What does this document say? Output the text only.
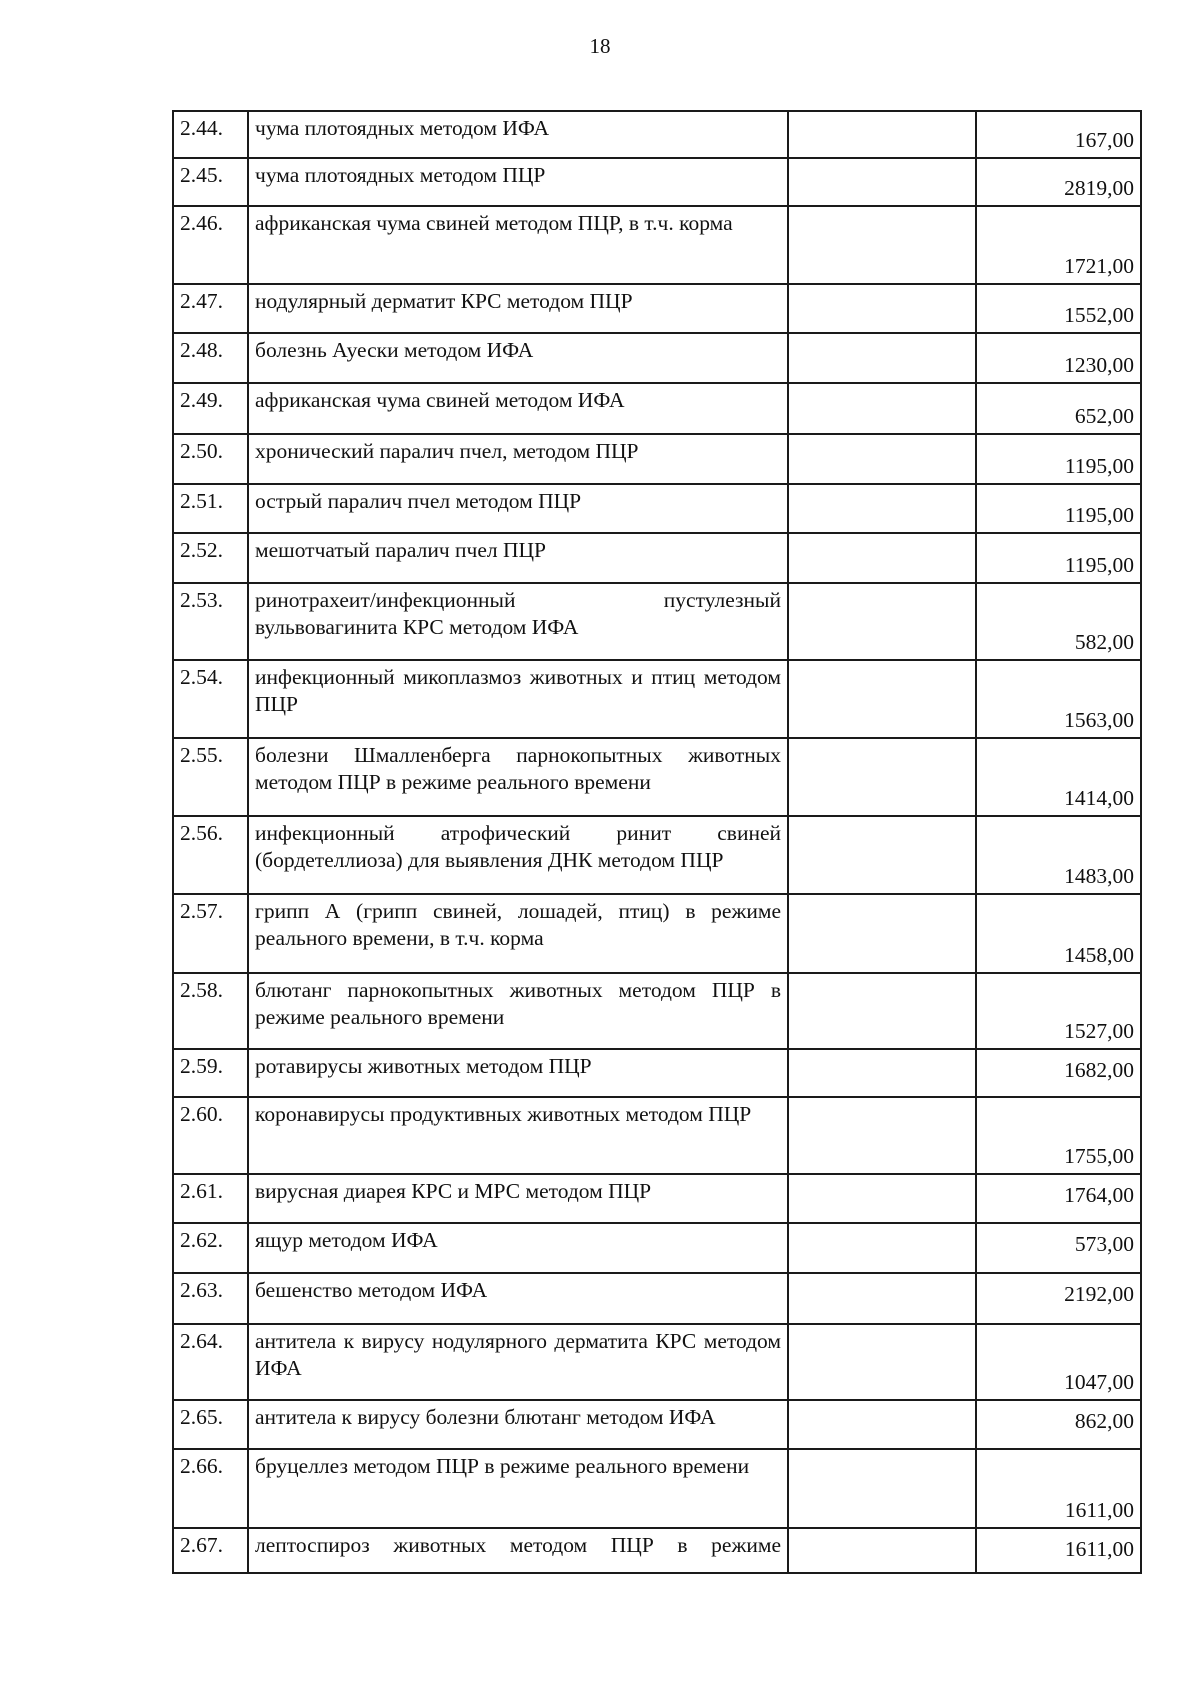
18
2.44.	чума плотоядных методом ИФА		167,00
2.45.	чума плотоядных методом ПЦР		2819,00
2.46.	африканская чума свиней методом ПЦР, в т.ч. корма		1721,00
2.47.	нодулярный дерматит КРС методом ПЦР		1552,00
2.48.	болезнь Ауески методом ИФА		1230,00
2.49.	африканская чума свиней методом ИФА		652,00
2.50.	хронический паралич пчел, методом ПЦР		1195,00
2.51.	острый паралич пчел методом ПЦР		1195,00
2.52.	мешотчатый паралич пчел ПЦР		1195,00
2.53.	ринотрахеит/инфекционный пустулезный вульвовагинита КРС методом ИФА		582,00
2.54.	инфекционный микоплазмоз животных и птиц методом ПЦР		1563,00
2.55.	болезни Шмалленберга парнокопытных животных методом ПЦР в режиме реального времени		1414,00
2.56.	инфекционный атрофический ринит свиней (бордетеллиоза) для выявления ДНК методом ПЦР		1483,00
2.57.	грипп А (грипп свиней, лошадей, птиц) в режиме реального времени, в т.ч. корма		1458,00
2.58.	блютанг парнокопытных животных методом ПЦР в режиме реального времени		1527,00
2.59.	ротавирусы животных методом ПЦР		1682,00
2.60.	коронавирусы продуктивных животных методом ПЦР		1755,00
2.61.	вирусная диарея КРС и МРС методом ПЦР		1764,00
2.62.	ящур методом ИФА		573,00
2.63.	бешенство методом ИФА		2192,00
2.64.	антитела к вирусу нодулярного дерматита КРС методом ИФА		1047,00
2.65.	антитела к вирусу болезни блютанг методом ИФА		862,00
2.66.	бруцеллез методом ПЦР в режиме реального времени		1611,00
2.67.	лептоспироз животных методом ПЦР в режиме		1611,00
